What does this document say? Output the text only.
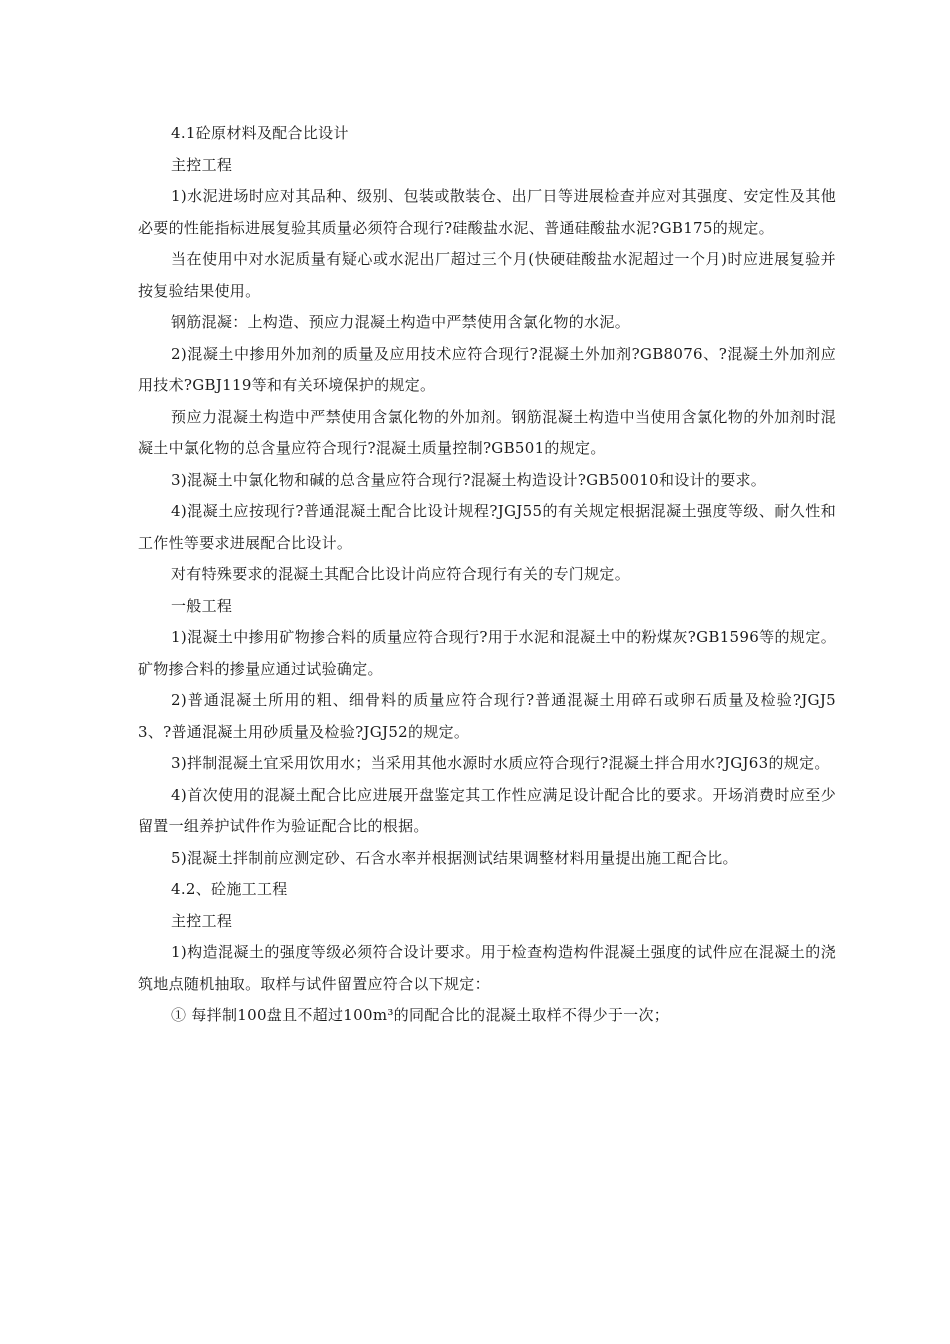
4.1砼原材料及配合比设计

主控工程

1)水泥进场时应对其品种、级别、包装或散装仓、出厂日等进展检查并应对其强度、安定性及其他必要的性能指标进展复验其质量必须符合现行?硅酸盐水泥、普通硅酸盐水泥?GB175的规定。

当在使用中对水泥质量有疑心或水泥出厂超过三个月(快硬硅酸盐水泥超过一个月)时应进展复验并按复验结果使用。

钢筋混凝：上构造、预应力混凝土构造中严禁使用含氯化物的水泥。

2)混凝土中掺用外加剂的质量及应用技术应符合现行?混凝土外加剂?GB8076、?混凝土外加剂应用技术?GBJ119等和有关环境保护的规定。

预应力混凝土构造中严禁使用含氯化物的外加剂。钢筋混凝土构造中当使用含氯化物的外加剂时混凝土中氯化物的总含量应符合现行?混凝土质量控制?GB501的规定。

3)混凝土中氯化物和碱的总含量应符合现行?混凝土构造设计?GB50010和设计的要求。

4)混凝土应按现行?普通混凝土配合比设计规程?JGJ55的有关规定根据混凝土强度等级、耐久性和工作性等要求进展配合比设计。

对有特殊要求的混凝土其配合比设计尚应符合现行有关的专门规定。

一般工程

1)混凝土中掺用矿物掺合料的质量应符合现行?用于水泥和混凝土中的粉煤灰?GB1596等的规定。矿物掺合料的掺量应通过试验确定。

2)普通混凝土所用的粗、细骨料的质量应符合现行?普通混凝土用碎石或卵石质量及检验?JGJ53、?普通混凝土用砂质量及检验?JGJ52的规定。

3)拌制混凝土宜采用饮用水；当采用其他水源时水质应符合现行?混凝土拌合用水?JGJ63的规定。

4)首次使用的混凝土配合比应进展开盘鉴定其工作性应满足设计配合比的要求。开场消费时应至少留置一组养护试件作为验证配合比的根据。

5)混凝土拌制前应测定砂、石含水率并根据测试结果调整材料用量提出施工配合比。

4.2、砼施工工程

主控工程

1)构造混凝土的强度等级必须符合设计要求。用于检查构造构件混凝土强度的试件应在混凝土的浇筑地点随机抽取。取样与试件留置应符合以下规定：

① 每拌制100盘且不超过100m³的同配合比的混凝土取样不得少于一次；
